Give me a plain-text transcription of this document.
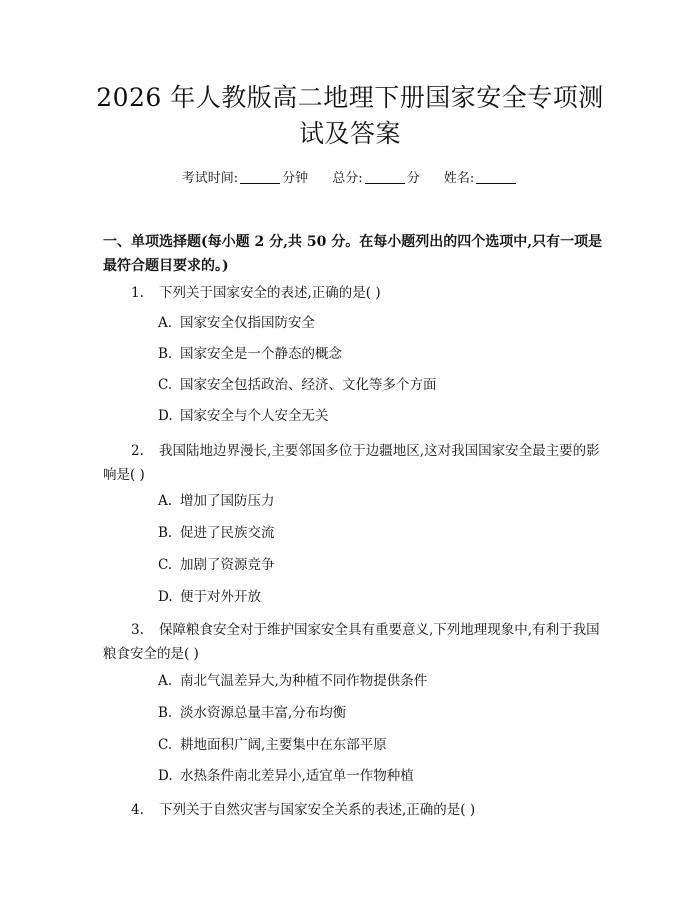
2026 年人教版高二地理下册国家安全专项测
试及答案
考试时间:	分钟 总分:	分 姓名:

一、单项选择题(每小题 2 分,共 50 分。在每小题列出的四个选项中,只有一项是最符合题目要求的。)

1. 下列关于国家安全的表述,正确的是( )

A. 国家安全仅指国防安全

B. 国家安全是一个静态的概念

C. 国家安全包括政治、经济、文化等多个方面

D. 国家安全与个人安全无关

2. 我国陆地边界漫长,主要邻国多位于边疆地区,这对我国国家安全最主要的影响是( )

A. 增加了国防压力

B. 促进了民族交流

C. 加剧了资源竞争

D. 便于对外开放

3. 保障粮食安全对于维护国家安全具有重要意义,下列地理现象中,有利于我国粮食安全的是( )

A. 南北气温差异大,为种植不同作物提供条件

B. 淡水资源总量丰富,分布均衡

C. 耕地面积广阔,主要集中在东部平原

D. 水热条件南北差异小,适宜单一作物种植

4. 下列关于自然灾害与国家安全关系的表述,正确的是( )
